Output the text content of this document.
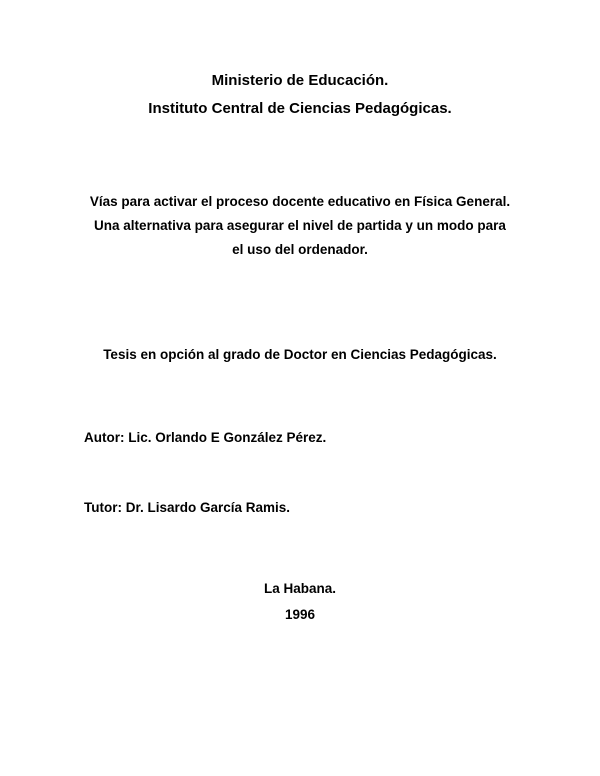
Ministerio de Educación.
Instituto Central de Ciencias Pedagógicas.
Vías para activar el proceso docente educativo en Física General.
Una alternativa para asegurar el nivel de partida y un modo para
el uso del ordenador.
Tesis en opción al grado de Doctor en Ciencias Pedagógicas.
Autor: Lic. Orlando E González Pérez.
Tutor: Dr. Lisardo García Ramis.
La Habana.
1996
